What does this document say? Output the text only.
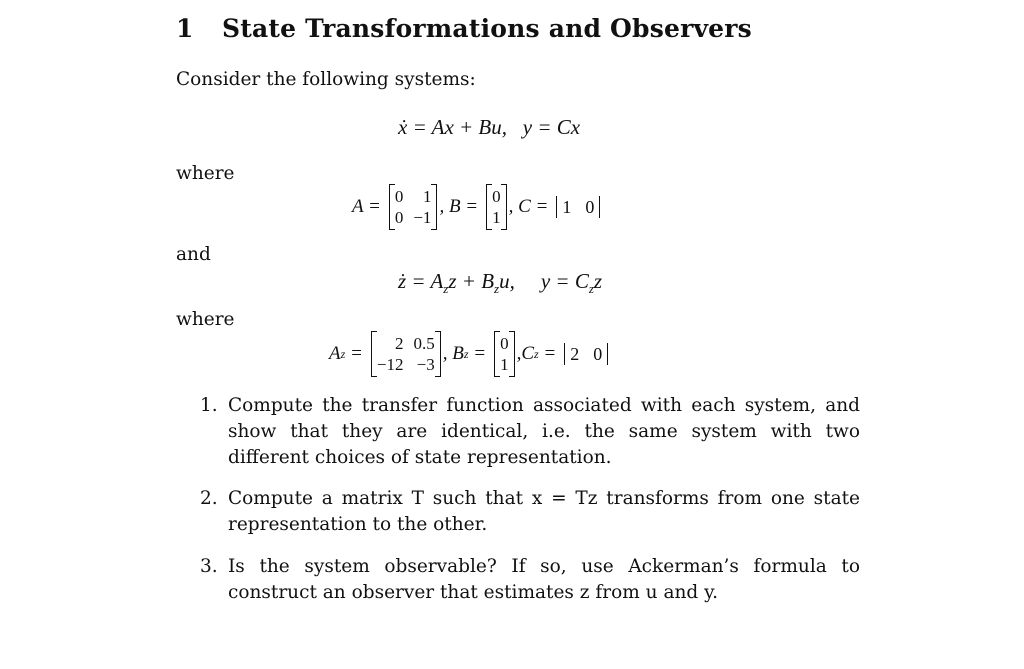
1 State Transformations and Observers
Consider the following systems:
ẋ = Ax + Bu,   y = Cx
where
A = 0	1
0 −1
, B = 0
1
, C = 1 0
and
ż = $A_zz + B_zu$, $y = C_zz$
where
A z =	2 0.5
−12 −3
, B z = 0
1
, C z = 2 0
1. Compute the transfer function associated with each system, and show that they are identical, i.e. the same system with two different choices of state representation.
2. Compute a matrix T such that x = Tz transforms from one state representation to the other.
3. Is the system observable? If so, use Ackerman’s formula to construct an observer that estimates z from u and y.
